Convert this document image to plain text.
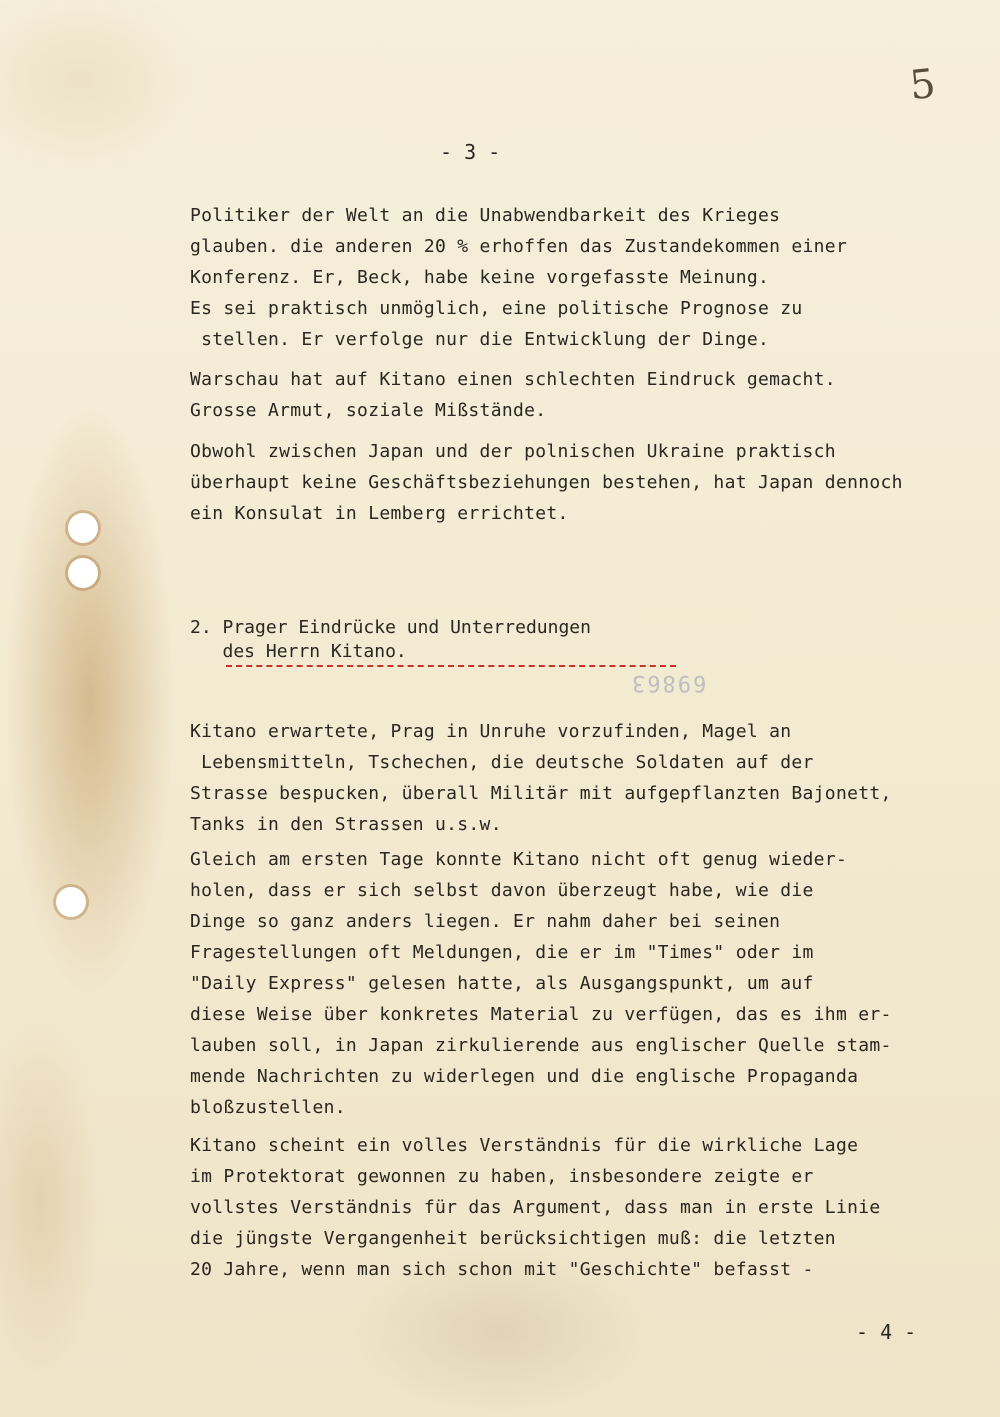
5
- 3 -
Politiker der Welt an die Unabwendbarkeit des Krieges
glauben. die anderen 20 % erhoffen das Zustandekommen einer
Konferenz. Er, Beck, habe keine vorgefasste Meinung.
Es sei praktisch unmöglich, eine politische Prognose zu
stellen. Er verfolge nur die Entwicklung der Dinge.
Warschau hat auf Kitano einen schlechten Eindruck gemacht.
Grosse Armut, soziale Mißstände.
Obwohl zwischen Japan und der polnischen Ukraine praktisch
überhaupt keine Geschäftsbeziehungen bestehen, hat Japan dennoch
ein Konsulat in Lemberg errichtet.
2. Prager Eindrücke und Unterredungen
des Herrn Kitano.
69863
Kitano erwartete, Prag in Unruhe vorzufinden, Magel an
Lebensmitteln, Tschechen, die deutsche Soldaten auf der
Strasse bespucken, überall Militär mit aufgepflanzten Bajonett,
Tanks in den Strassen u.s.w.
Gleich am ersten Tage konnte Kitano nicht oft genug wieder-
holen, dass er sich selbst davon überzeugt habe, wie die
Dinge so ganz anders liegen. Er nahm daher bei seinen
Fragestellungen oft Meldungen, die er im "Times" oder im
"Daily Express" gelesen hatte, als Ausgangspunkt, um auf
diese Weise über konkretes Material zu verfügen, das es ihm er-
lauben soll, in Japan zirkulierende aus englischer Quelle stam-
mende Nachrichten zu widerlegen und die englische Propaganda
bloßzustellen.
Kitano scheint ein volles Verständnis für die wirkliche Lage
im Protektorat gewonnen zu haben, insbesondere zeigte er
vollstes Verständnis für das Argument, dass man in erste Linie
die jüngste Vergangenheit berücksichtigen muß: die letzten
20 Jahre, wenn man sich schon mit "Geschichte" befasst -
- 4 -
